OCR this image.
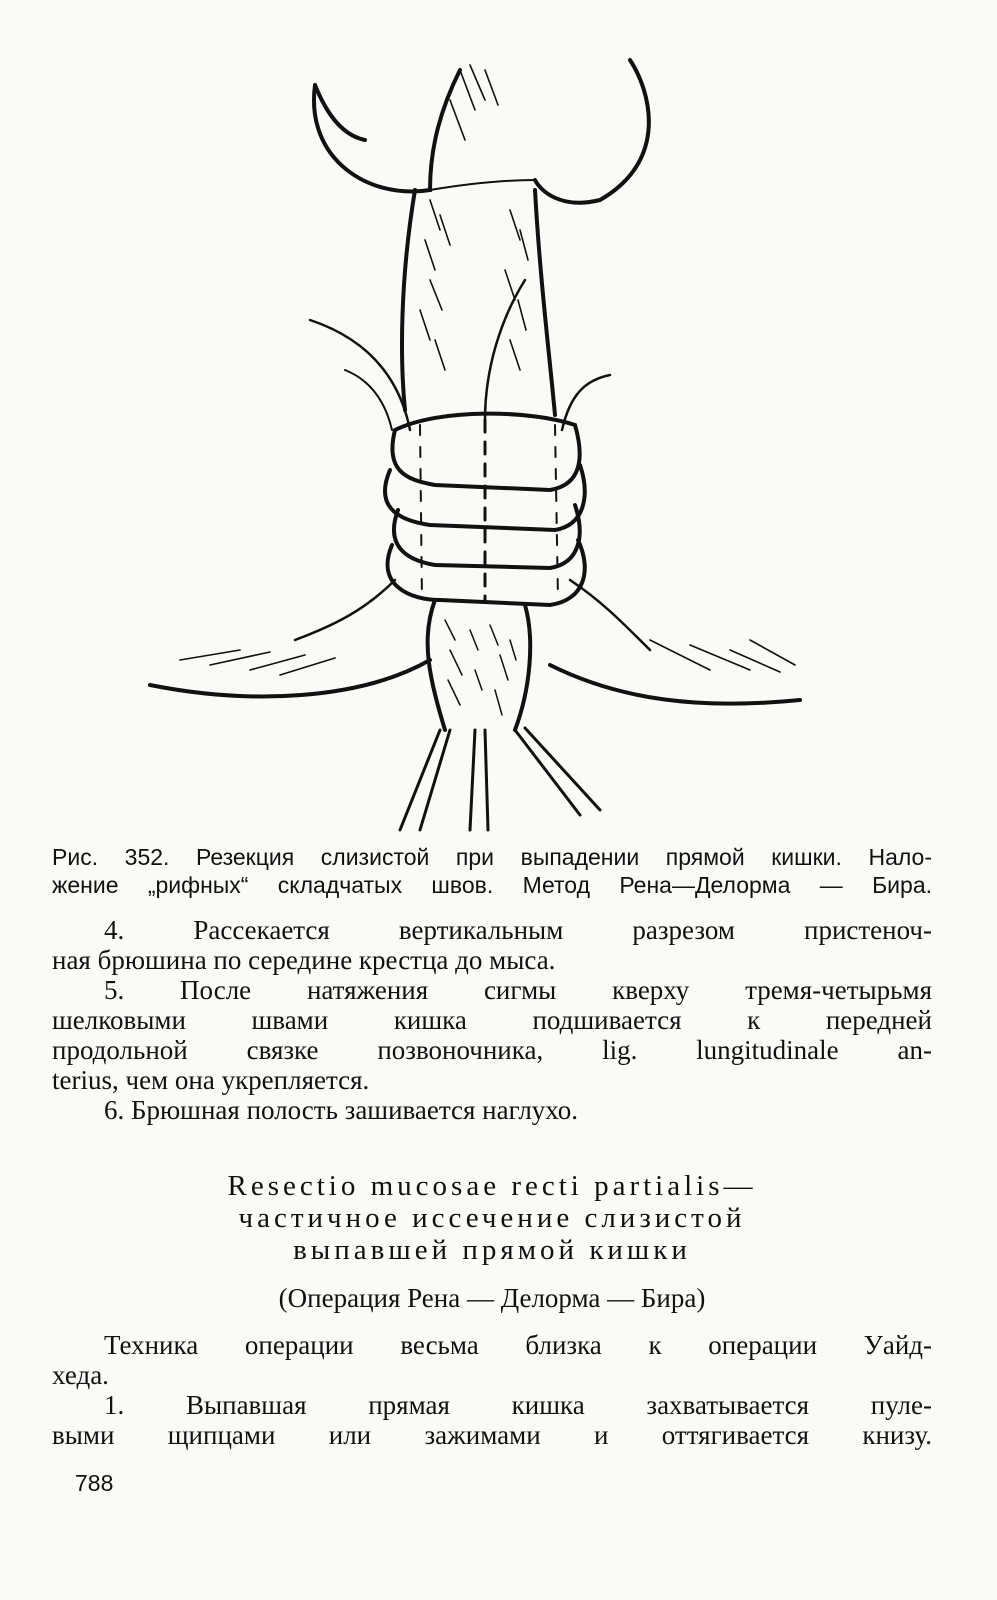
Рис. 352. Резекция слизистой при выпадении прямой кишки. Нало-
жение „рифных“ складчатых швов. Метод Рена—Делорма — Бира.
4. Рассекается вертикальным разрезом пристеноч-
ная брюшина по середине крестца до мыса.
5. После натяжения сигмы кверху тремя-четырьмя
шелковыми швами кишка подшивается к передней
продольной связке позвоночника, lig. lungitudinale an-
terius, чем она укрепляется.
6. Брюшная полость зашивается наглухо.
Resectio mucosae recti partialis—
частичное иссечение слизистой
выпавшей прямой кишки
(Операция Рена — Делорма — Бира)
Техника операции весьма близка к операции Уайд-
хеда.
1. Выпавшая прямая кишка захватывается пуле-
выми щипцами или зажимами и оттягивается книзу.
788
